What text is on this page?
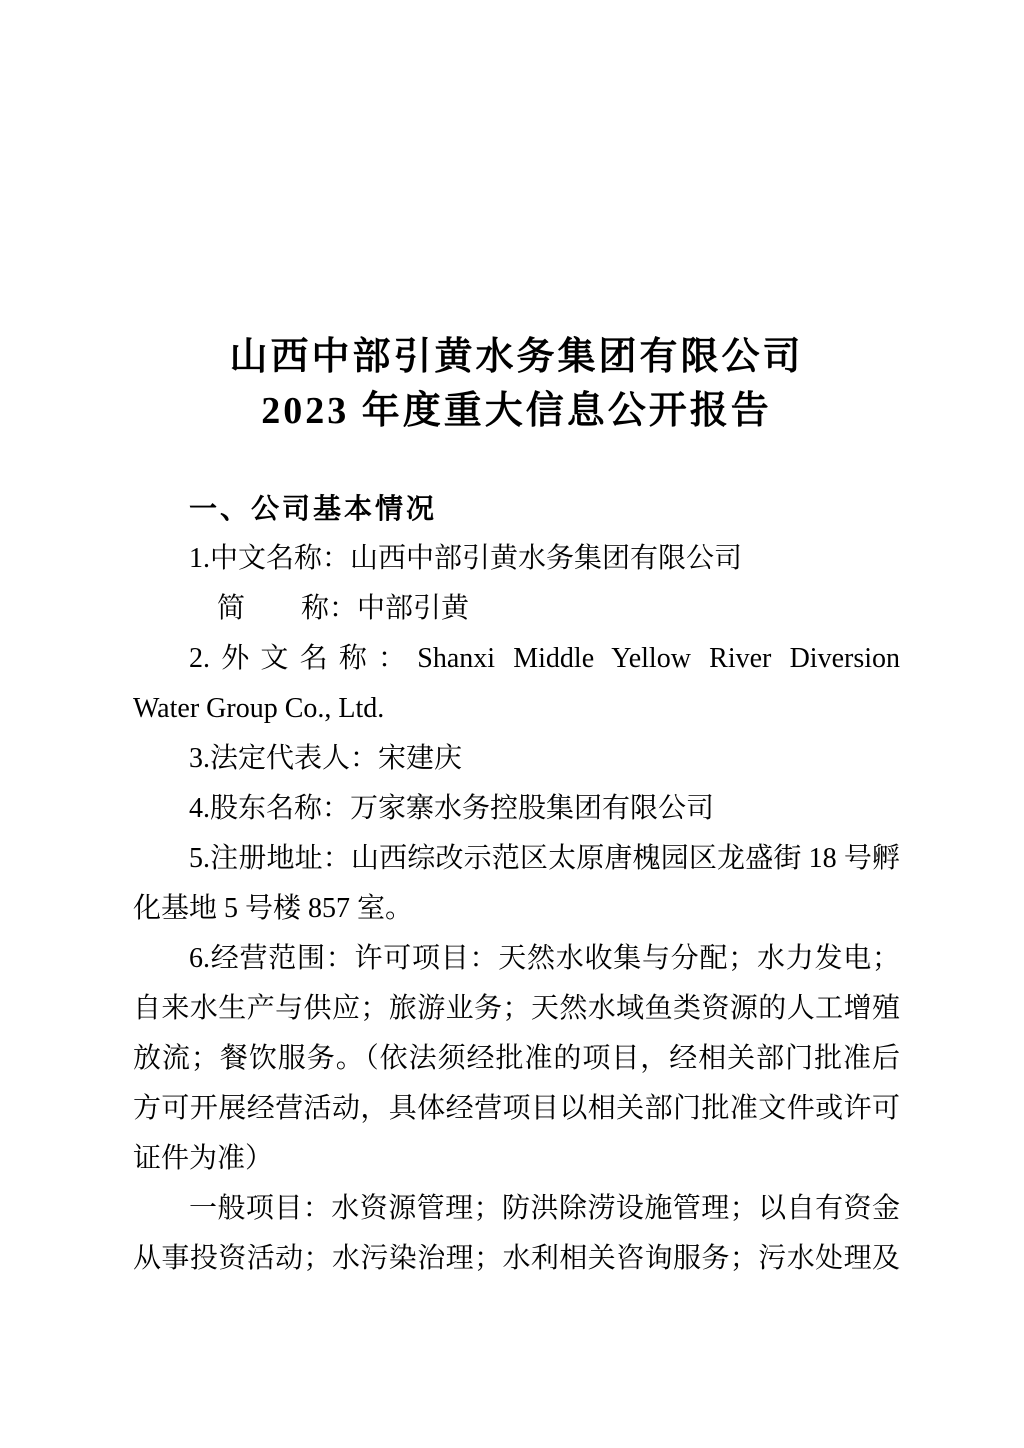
山西中部引黄水务集团有限公司
2023 年度重大信息公开报告
一、公司基本情况
1.中文名称：山西中部引黄水务集团有限公司
简　　称：中部引黄
2.外文名称：Shanxi Middle Yellow River Diversion
Water Group Co., Ltd.
3.法定代表人：宋建庆
4.股东名称：万家寨水务控股集团有限公司
5.注册地址：山西综改示范区太原唐槐园区龙盛街 18 号孵
化基地 5 号楼 857 室。
6.经营范围：许可项目：天然水收集与分配；水力发电；
自来水生产与供应；旅游业务；天然水域鱼类资源的人工增殖
放流；餐饮服务。（依法须经批准的项目，经相关部门批准后
方可开展经营活动，具体经营项目以相关部门批准文件或许可
证件为准）
一般项目：水资源管理；防洪除涝设施管理；以自有资金
从事投资活动；水污染治理；水利相关咨询服务；污水处理及
